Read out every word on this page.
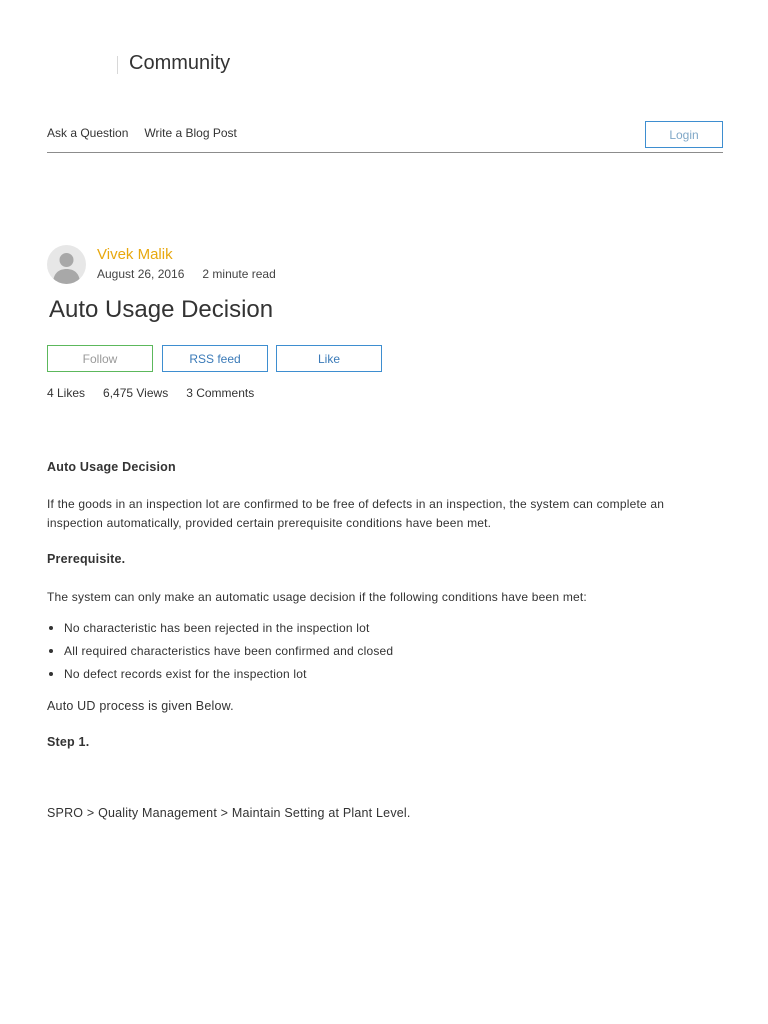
Community
Ask a Question Write a Blog Post	Login
Vivek Malik
August 26, 2016 2 minute read
Auto Usage Decision
Follow	RSS feed	Like
4 Likes 6,475 Views 3 Comments
Auto Usage Decision

If the goods in an inspection lot are confirmed to be free of defects in an inspection, the system can complete an inspection automatically, provided certain prerequisite conditions have been met.

Prerequisite.

The system can only make an automatic usage decision if the following conditions have been met:

No characteristic has been rejected in the inspection lot
All required characteristics have been confirmed and closed
No defect records exist for the inspection lot

Auto UD process is given Below.

Step 1.

SPRO > Quality Management > Maintain Setting at Plant Level.
